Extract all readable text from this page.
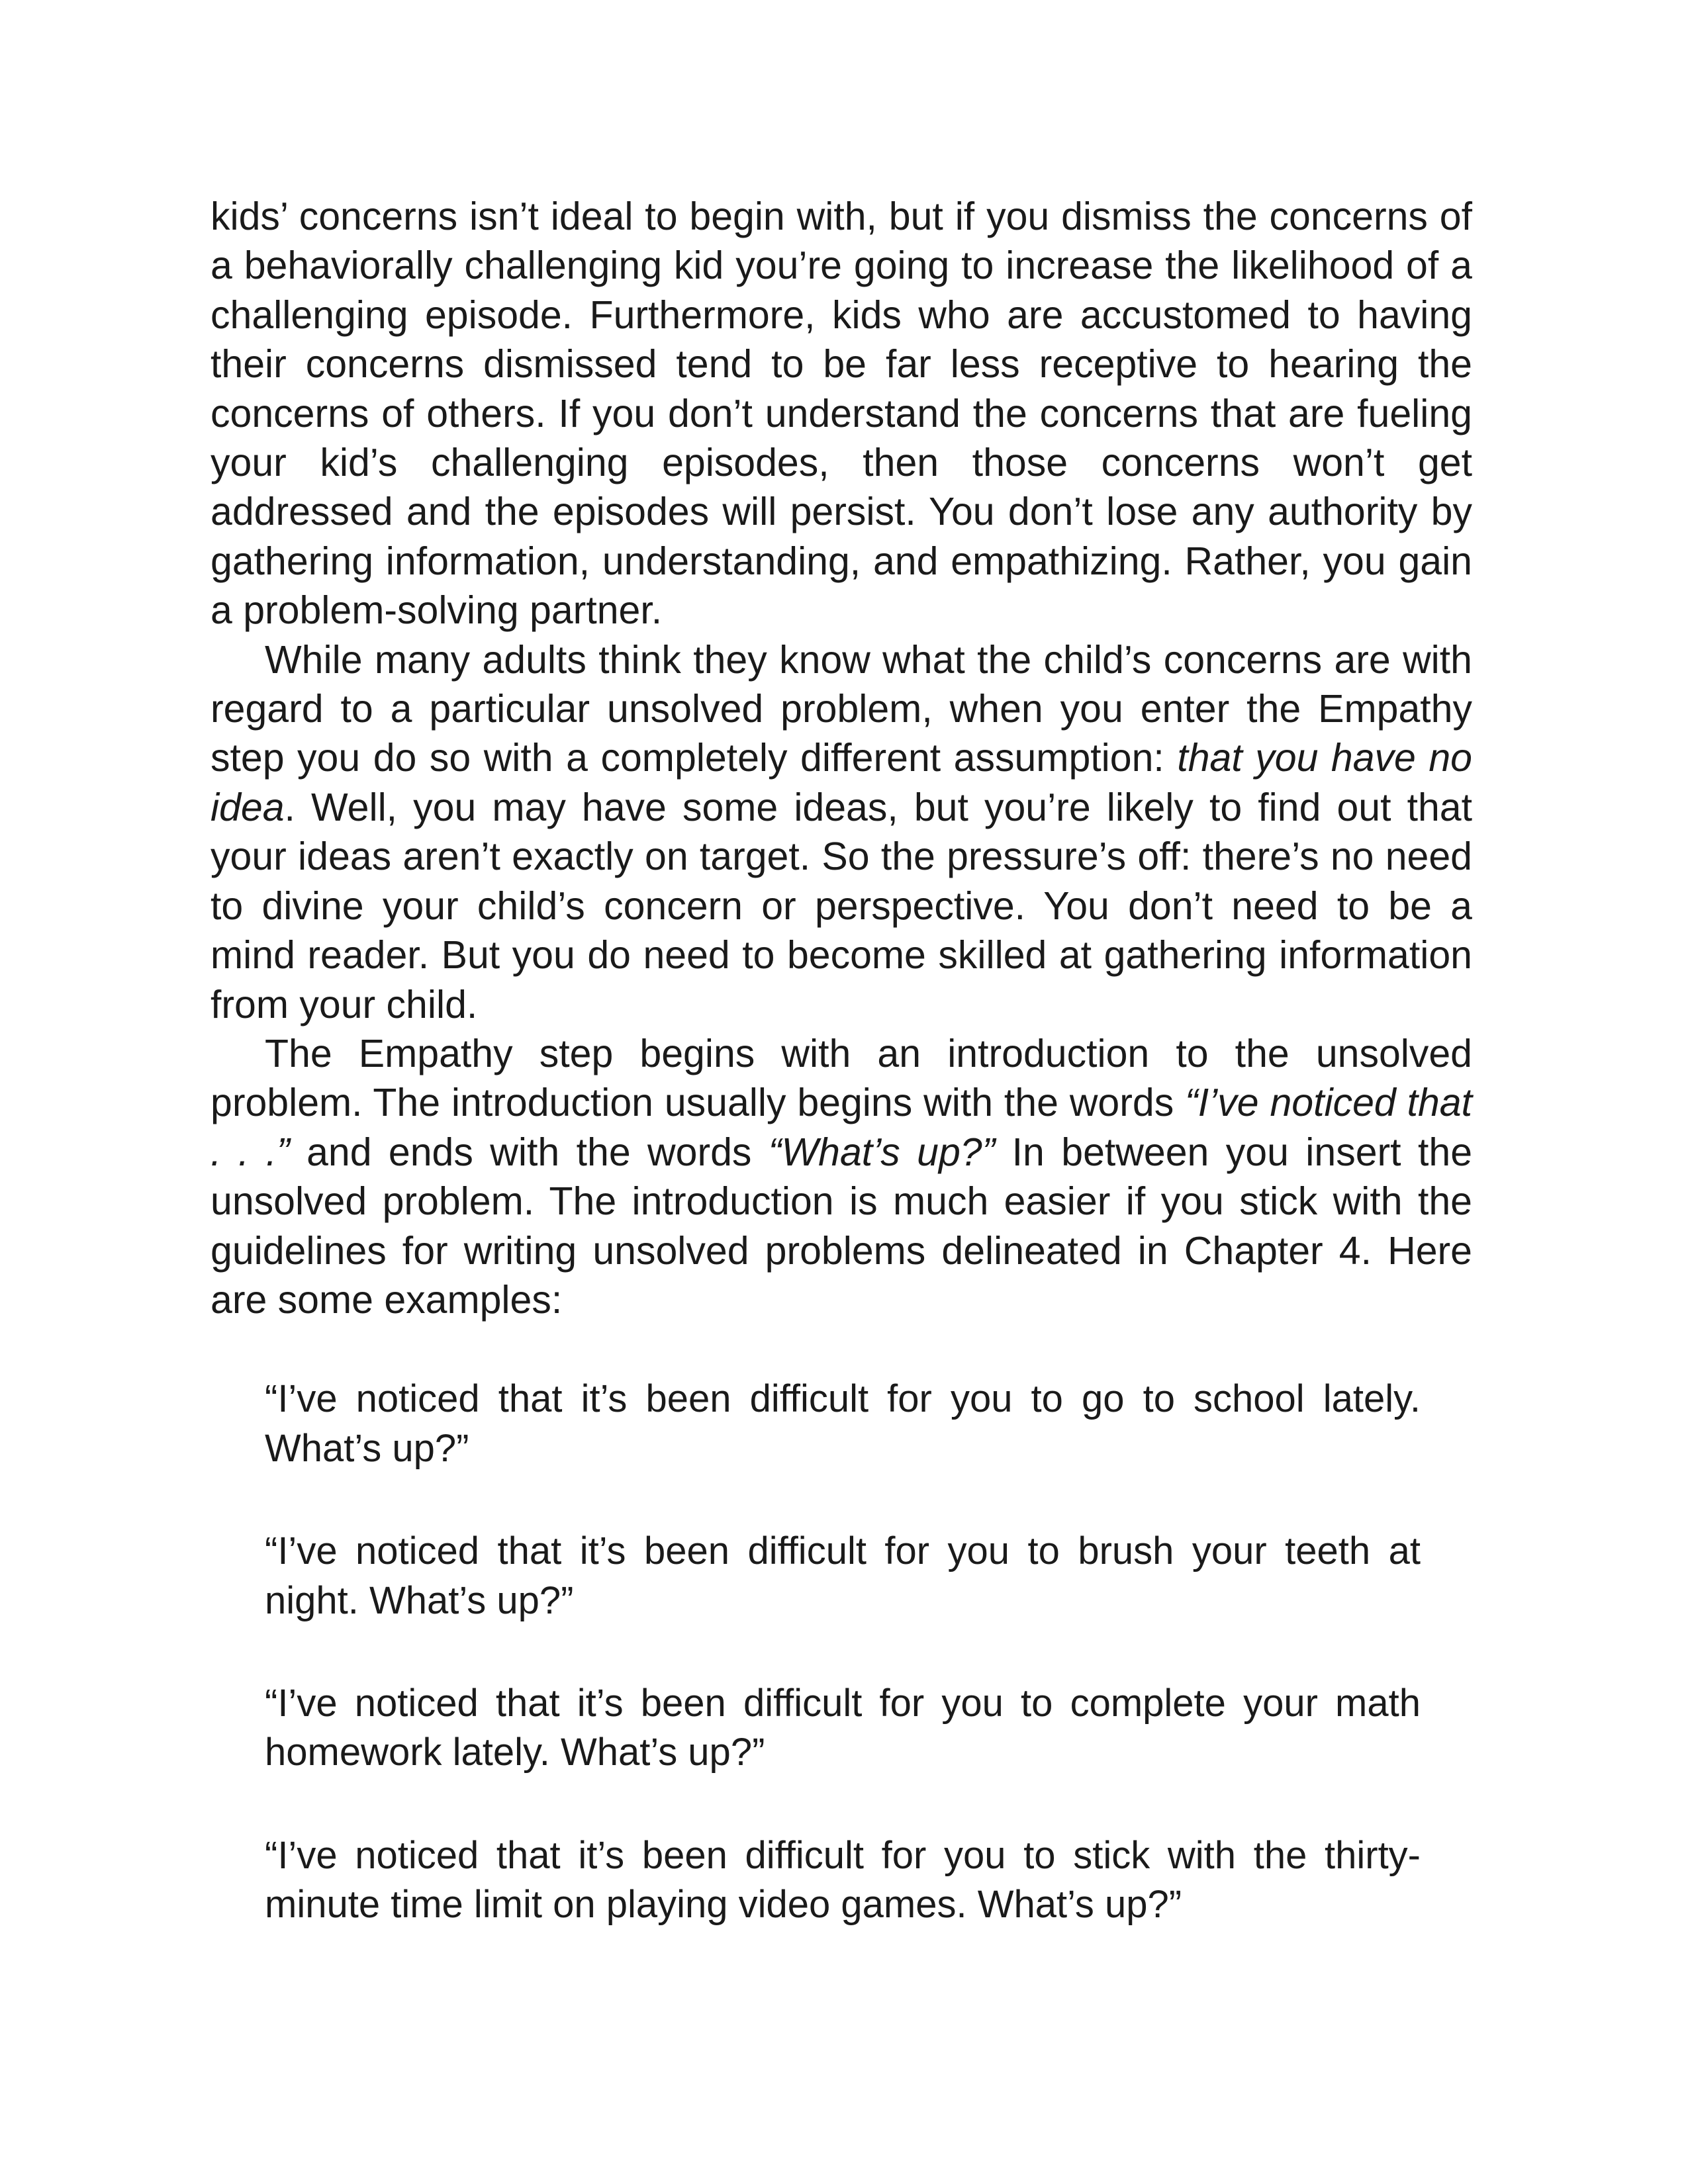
kids’ concerns isn’t ideal to begin with, but if you dismiss the concerns of a behaviorally challenging kid you’re going to increase the likelihood of a challenging episode. Furthermore, kids who are accustomed to having their concerns dismissed tend to be far less receptive to hearing the concerns of others. If you don’t understand the concerns that are fueling your kid’s challenging episodes, then those concerns won’t get addressed and the episodes will persist. You don’t lose any authority by gathering information, understanding, and empathizing. Rather, you gain a problem-solving partner.

While many adults think they know what the child’s concerns are with regard to a particular unsolved problem, when you enter the Empathy step you do so with a completely different assumption: that you have no idea. Well, you may have some ideas, but you’re likely to find out that your ideas aren’t exactly on target. So the pressure’s off: there’s no need to divine your child’s concern or perspective. You don’t need to be a mind reader. But you do need to become skilled at gathering information from your child.

The Empathy step begins with an introduction to the unsolved problem. The introduction usually begins with the words “I’ve noticed that . . .” and ends with the words “What’s up?” In between you insert the unsolved problem. The introduction is much easier if you stick with the guidelines for writing unsolved problems delineated in Chapter 4. Here are some examples:

“I’ve noticed that it’s been difficult for you to go to school lately. What’s up?”
“I’ve noticed that it’s been difficult for you to brush your teeth at night. What’s up?”
“I’ve noticed that it’s been difficult for you to complete your math homework lately. What’s up?”
“I’ve noticed that it’s been difficult for you to stick with the thirty-minute time limit on playing video games. What’s up?”
